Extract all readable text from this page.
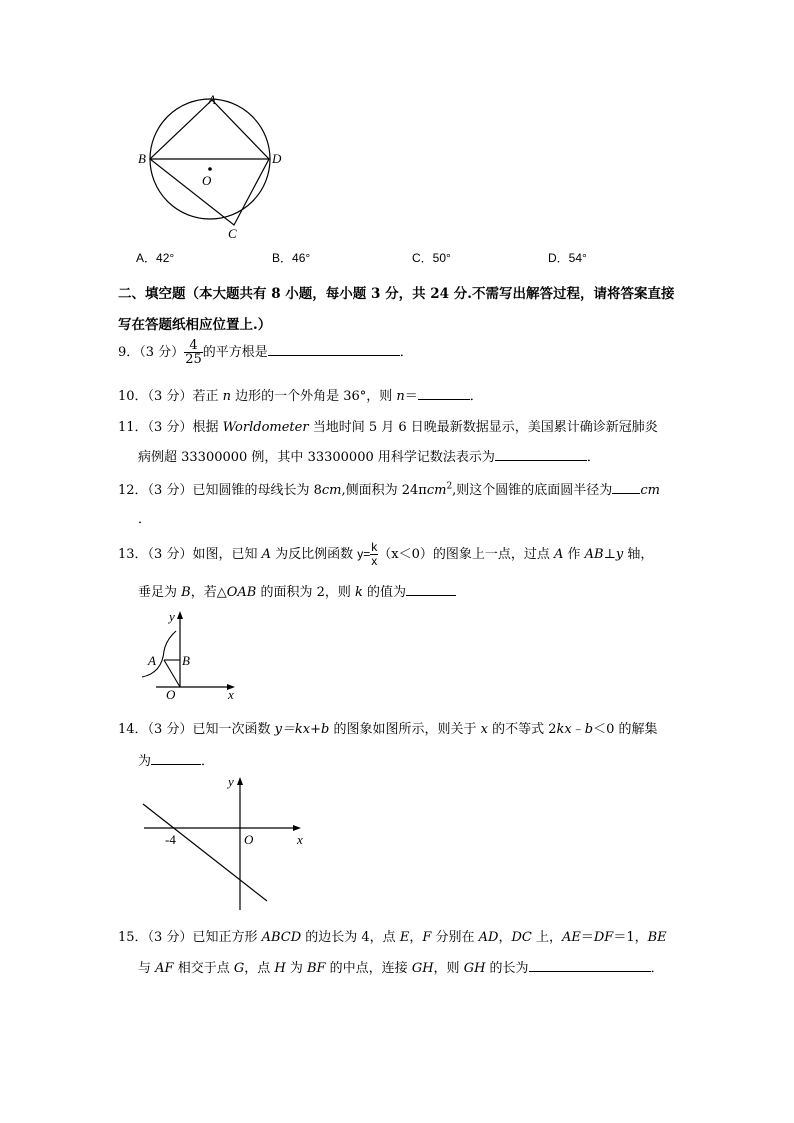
A
B	D
O
C
A．42°	B．46°	C．50°	D．54°
二、填空题（本大题共有 8 小题，每小题 3 分，共 24 分.不需写出解答过程，请将答案直接
写在答题纸相应位置上.）
9．（3 分） $\frac{4}{25}$ 的平方根是	．
10．（3 分）若正 n 边形的一个外角是 36°，则 n＝	．
11．（3 分）根据 Worldometer 当地时间 5 月 6 日晚最新数据显示，美国累计确诊新冠肺炎
病例超 33300000 例，其中 33300000 用科学记数法表示为	．
12．（3 分）已知圆锥的母线长为 8cm,侧面积为 24πcm$^2$,则这个圆锥的底面圆半径为 cm
．
13．（3 分）如图，已知 A 为反比例函数 $y= \frac{k}{x} (x<0)$的图象上一点，过点 A 作 AB⊥y 轴，
垂足为 B，若△OAB 的面积为 2，则 k 的值为
y
A B
O	x
14．（3 分）已知一次函数 y＝kx+b 的图象如图所示，则关于 x 的不等式 2kx﹣b＜0 的解集
为	．
y
O	x
-4
15．（3 分）已知正方形 ABCD 的边长为 4，点 E，F 分别在 AD，DC 上，AE＝DF＝1，BE
与 AF 相交于点 G，点 H 为 BF 的中点，连接 GH，则 GH 的长为	．
